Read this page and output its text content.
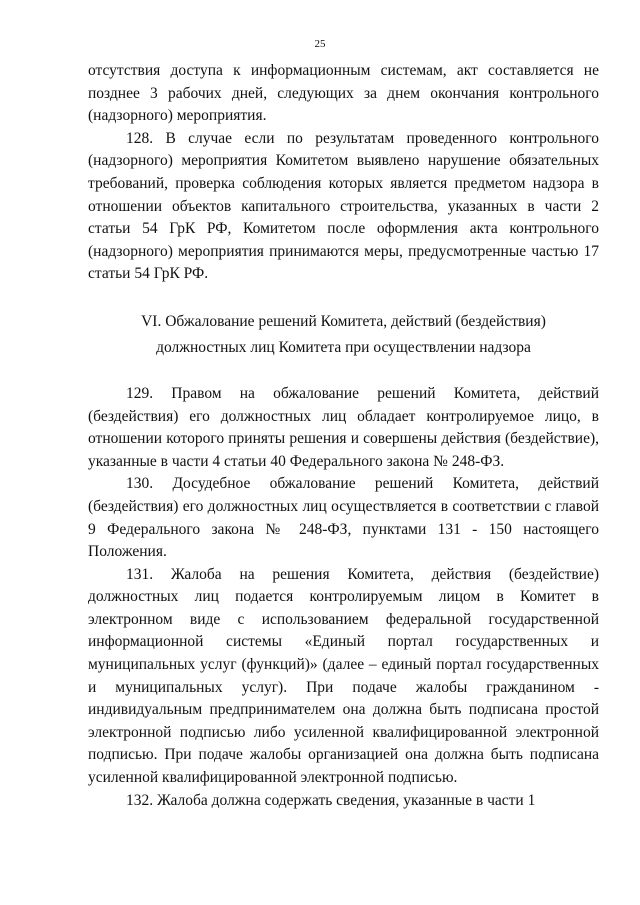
25

отсутствия доступа к информационным системам, акт составляется не позднее 3 рабочих дней, следующих за днем окончания контрольного (надзорного) мероприятия.

128. В случае если по результатам проведенного контрольного (надзорного) мероприятия Комитетом выявлено нарушение обязательных требований, проверка соблюдения которых является предметом надзора в отношении объектов капитального строительства, указанных в части 2 статьи 54 ГрК РФ, Комитетом после оформления акта контрольного (надзорного) мероприятия принимаются меры, предусмотренные частью 17 статьи 54 ГрК РФ.

VI. Обжалование решений Комитета, действий (бездействия)
должностных лиц Комитета при осуществлении надзора

129. Правом на обжалование решений Комитета, действий (бездействия) его должностных лиц обладает контролируемое лицо, в отношении которого приняты решения и совершены действия (бездействие), указанные в части 4 статьи 40 Федерального закона № 248-ФЗ.

130. Досудебное обжалование решений Комитета, действий (бездействия) его должностных лиц осуществляется в соответствии с главой 9 Федерального закона № 248-ФЗ, пунктами 131 - 150 настоящего Положения.

131. Жалоба на решения Комитета, действия (бездействие) должностных лиц подается контролируемым лицом в Комитет в электронном виде с использованием федеральной государственной информационной системы «Единый портал государственных и муниципальных услуг (функций)» (далее – единый портал государственных и муниципальных услуг). При подаче жалобы гражданином - индивидуальным предпринимателем она должна быть подписана простой электронной подписью либо усиленной квалифицированной электронной подписью. При подаче жалобы организацией она должна быть подписана усиленной квалифицированной электронной подписью.

132. Жалоба должна содержать сведения, указанные в части 1
